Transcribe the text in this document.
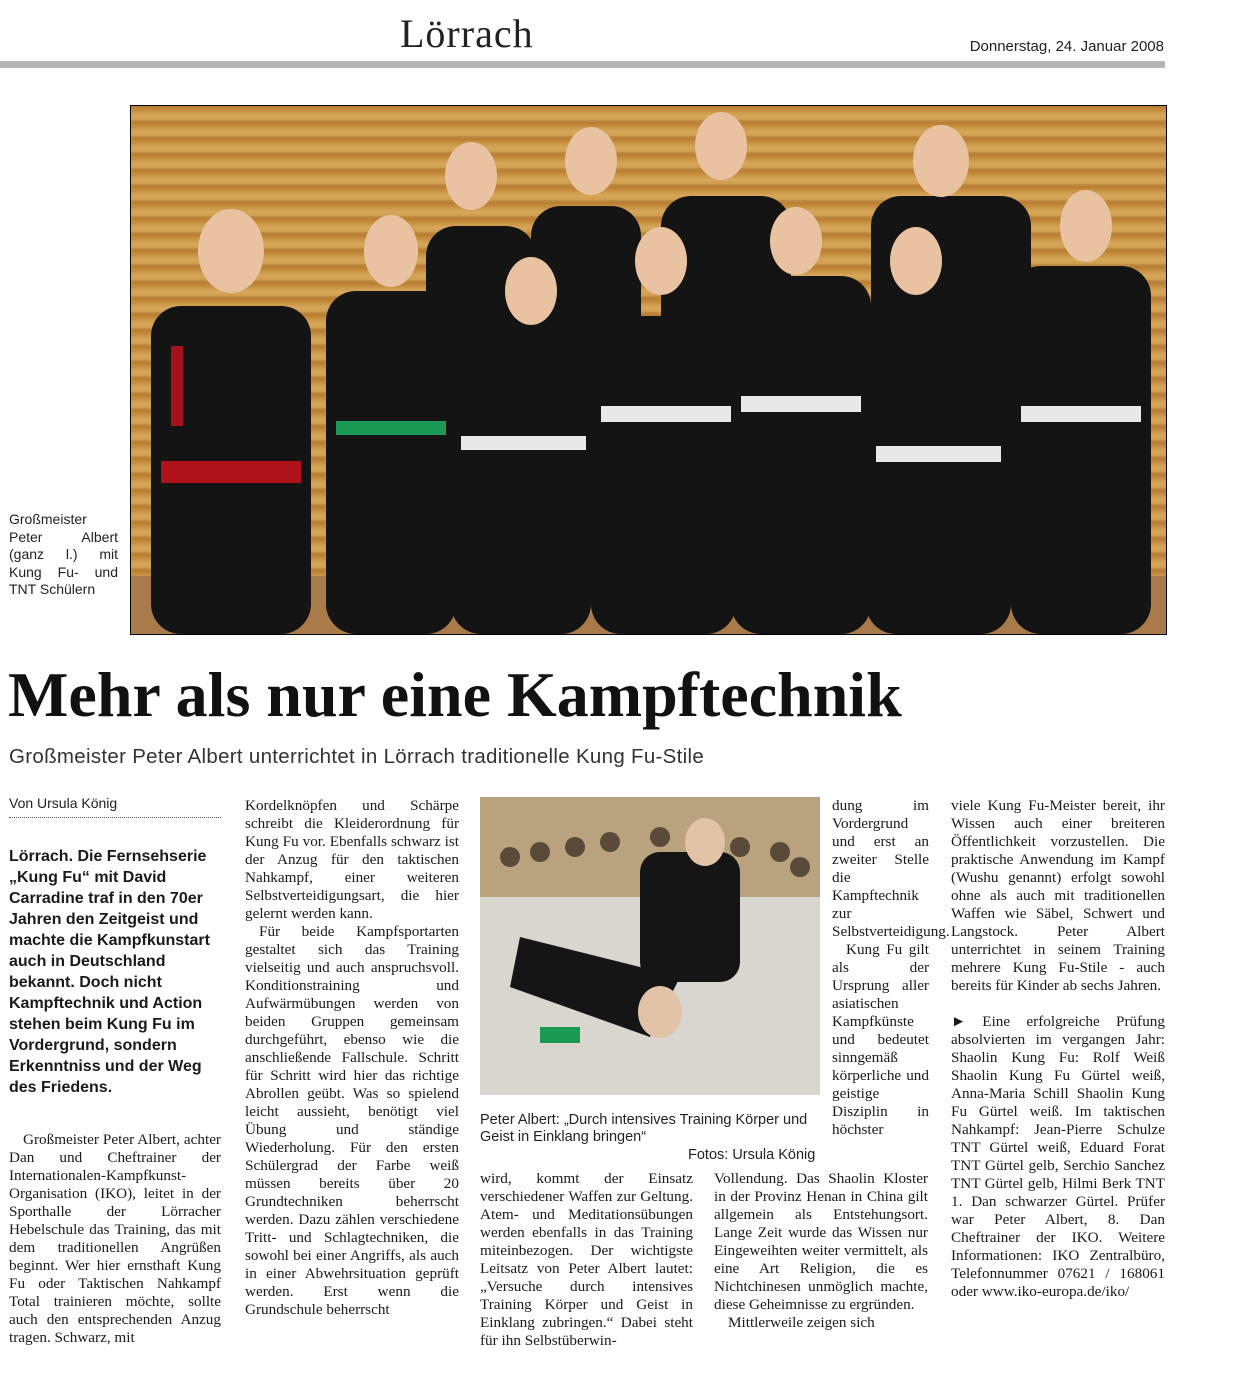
Lörrach	Donnerstag, 24. Januar 2008
Großmeister Peter Albert (ganz l.) mit Kung Fu- und TNT Schülern
Mehr als nur eine Kampftechnik
Großmeister Peter Albert unterrichtet in Lörrach traditionelle Kung Fu-Stile
Von Ursula König
Lörrach. Die Fernsehserie „Kung Fu“ mit David Carradine traf in den 70er Jahren den Zeitgeist und machte die Kampfkunstart auch in Deutschland bekannt. Doch nicht Kampftechnik und Action stehen beim Kung Fu im Vordergrund, sondern Erkenntniss und der Weg des Friedens.

Großmeister Peter Albert, achter Dan und Cheftrainer der Internationalen-Kampfkunst-Organisation (IKO), leitet in der Sporthalle der Lörracher Hebelschule das Training, das mit dem traditionellen Angrüßen beginnt. Wer hier ernsthaft Kung Fu oder Taktischen Nahkampf Total trainieren möchte, sollte auch den entsprechenden Anzug tragen. Schwarz, mit

Kordelknöpfen und Schärpe schreibt die Kleiderordnung für Kung Fu vor. Ebenfalls schwarz ist der Anzug für den taktischen Nahkampf, einer weiteren Selbstverteidigungsart, die hier gelernt werden kann.

Für beide Kampfsportarten gestaltet sich das Training vielseitig und auch anspruchsvoll. Konditionstraining und Aufwärmübungen werden von beiden Gruppen gemeinsam durchgeführt, ebenso wie die anschließende Fallschule. Schritt für Schritt wird hier das richtige Abrollen geübt. Was so spielend leicht aussieht, benötigt viel Übung und ständige Wiederholung. Für den ersten Schülergrad der Farbe weiß müssen bereits über 20 Grundtechniken beherrscht werden. Dazu zählen verschiedene Tritt- und Schlagtechniken, die sowohl bei einer Angriffs, als auch in einer Abwehrsituation geprüft werden. Erst wenn die Grundschule beherrscht

Peter Albert: „Durch intensives Training Körper und Geist in Einklang bringen“
Fotos: Ursula König

dung im Vordergrund und erst an zweiter Stelle die Kampftechnik zur Selbstverteidigung.

Kung Fu gilt als der Ursprung aller asiatischen Kampfkünste und bedeutet sinngemäß körperliche und geistige Disziplin in höchster

wird, kommt der Einsatz verschiedener Waffen zur Geltung. Atem- und Meditationsübungen werden ebenfalls in das Training miteinbezogen. Der wichtigste Leitsatz von Peter Albert lautet: „Versuche durch intensives Training Körper und Geist in Einklang zubringen.“ Dabei steht für ihn Selbstüberwin-

Vollendung. Das Shaolin Kloster in der Provinz Henan in China gilt allgemein als Entstehungsort. Lange Zeit wurde das Wissen nur Eingeweihten weiter vermittelt, als eine Art Religion, die es Nichtchinesen unmöglich machte, diese Geheimnisse zu ergründen.

Mittlerweile zeigen sich

viele Kung Fu-Meister bereit, ihr Wissen auch einer breiteren Öffentlichkeit vorzustellen. Die praktische Anwendung im Kampf (Wushu genannt) erfolgt sowohl ohne als auch mit traditionellen Waffen wie Säbel, Schwert und Langstock. Peter Albert unterrichtet in seinem Training mehrere Kung Fu-Stile - auch bereits für Kinder ab sechs Jahren.

► Eine erfolgreiche Prüfung absolvierten im vergangen Jahr: Shaolin Kung Fu: Rolf Weiß Shaolin Kung Fu Gürtel weiß, Anna-Maria Schill Shaolin Kung Fu Gürtel weiß. Im taktischen Nahkampf: Jean-Pierre Schulze TNT Gürtel weiß, Eduard Forat TNT Gürtel gelb, Serchio Sanchez TNT Gürtel gelb, Hilmi Berk TNT 1. Dan schwarzer Gürtel. Prüfer war Peter Albert, 8. Dan Cheftrainer der IKO. Weitere Informationen: IKO Zentralbüro, Telefonnummer 07621 / 168061 oder www.iko-europa.de/iko/
